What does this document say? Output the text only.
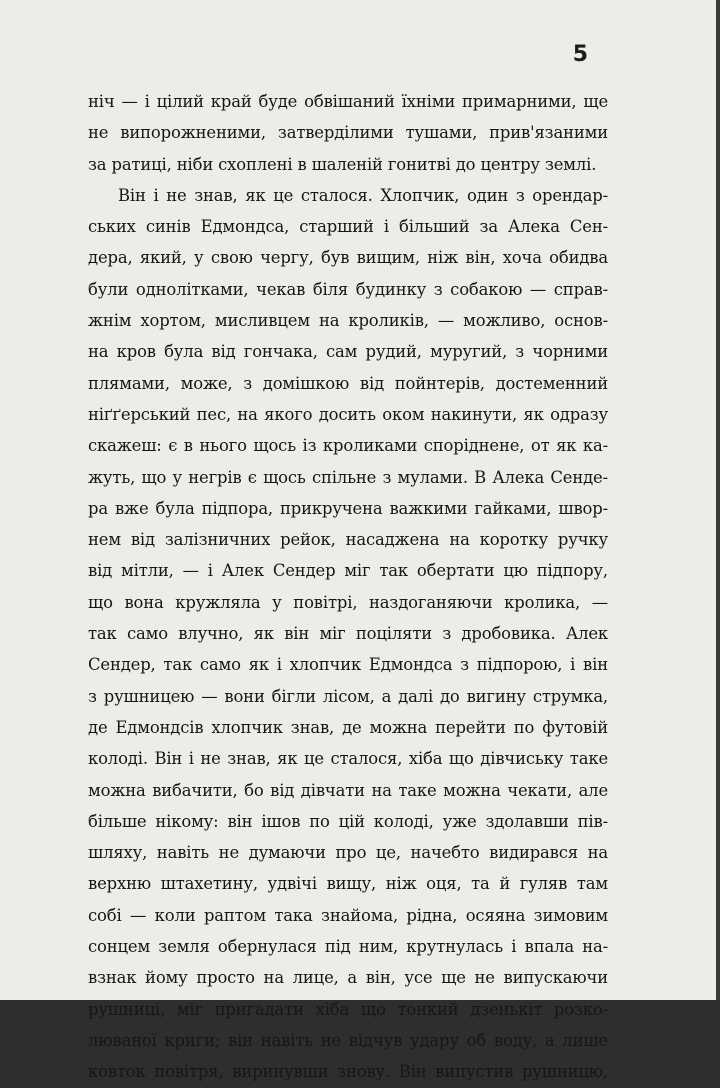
5

ніч — і цілий край буде обвішаний їхніми примарними, ще
не випорожненими, затверділими тушами, прив'язаними
за ратиці, ніби схоплені в шаленій гонитві до центру землі.
Він і не знав, як це сталося. Хлопчик, один з орендар-
ських синів Едмондса, старший і більший за Алека Сен-
дера, який, у свою чергу, був вищим, ніж він, хоча обидва
були однолітками, чекав біля будинку з собакою — справ-
жнім хортом, мисливцем на кроликів, — можливо, основ-
на кров була від гончака, сам рудий, муругий, з чорними
плямами, може, з домішкою від пойнтерів, достеменний
ніґґерський пес, на якого досить оком накинути, як одразу
скажеш: є в нього щось із кроликами споріднене, от як ка-
жуть, що у негрів є щось спільне з мулами. В Алека Сенде-
ра вже була підпора, прикручена важкими гайками, швор-
нем від залізничних рейок, насаджена на коротку ручку
від мітли, — і Алек Сендер міг так обертати цю підпору,
що вона кружляла у повітрі, наздоганяючи кролика, —
так само влучно, як він міг поціляти з дробовика. Алек
Сендер, так само як і хлопчик Едмондса з підпорою, і він
з рушницею — вони бігли лісом, а далі до вигину струмка,
де Едмондсів хлопчик знав, де можна перейти по футовій
колоді. Він і не знав, як це сталося, хіба що дівчиську таке
можна вибачити, бо від дівчати на таке можна чекати, але
більше нікому: він ішов по цій колоді, уже здолавши пів-
шляху, навіть не думаючи про це, начебто видирався на
верхню штахетину, удвічі вищу, ніж оця, та й гуляв там
собі — коли раптом така знайома, рідна, осяяна зимовим
сонцем земля обернулася під ним, крутнулась і впала на-
взнак йому просто на лице, а він, усе ще не випускаючи
рушниці, міг пригадати хіба що тонкий дзенькіт розко-
люваної криги; він навіть не відчув удару об воду, а лише
ковток повітря, виринувши знову. Він випустив рушницю,
